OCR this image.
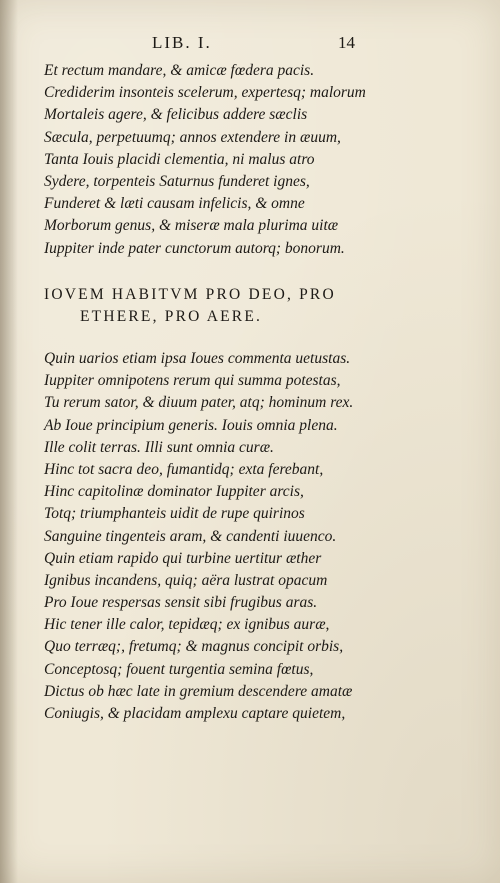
LIB. I.	14
Et rectum mandare, & amicæ fœdera pacis.
Crediderim insonteis scelerum, expertesq; malorum
Mortaleis agere, & felicibus addere sæclis
Sæcula, perpetuumq; annos extendere in æuum,
Tanta Iouis placidi clementia, ni malus atro
Sydere, torpenteis Saturnus funderet ignes,
Funderet & læti causam infelicis, & omne
Morborum genus, & miseræ mala plurima uitæ
Iuppiter inde pater cunctorum autorq; bonorum.
IOVEM HABITVM PRO DEO, PRO
ETHERE, PRO AERE.
Quin uarios etiam ipsa Ioues commenta uetustas.
Iuppiter omnipotens rerum qui summa potestas,
Tu rerum sator, & diuum pater, atq; hominum rex.
Ab Ioue principium generis. Iouis omnia plena.
Ille colit terras. Illi sunt omnia curæ.
Hinc tot sacra deo, fumantidq; exta ferebant,
Hinc capitolinæ dominator Iuppiter arcis,
Totq; triumphanteis uidit de rupe quirinos
Sanguine tingenteis aram, & candenti iuuenco.
Quin etiam rapido qui turbine uertitur æther
Ignibus incandens, quiq; aëra lustrat opacum
Pro Ioue respersas sensit sibi frugibus aras.
Hic tener ille calor, tepidæq; ex ignibus auræ,
Quo terræq;, fretumq; & magnus concipit orbis,
Conceptosq; fouent turgentia semina fœtus,
Dictus ob hæc late in gremium descendere amatæ
Coniugis, & placidam amplexu captare quietem,
